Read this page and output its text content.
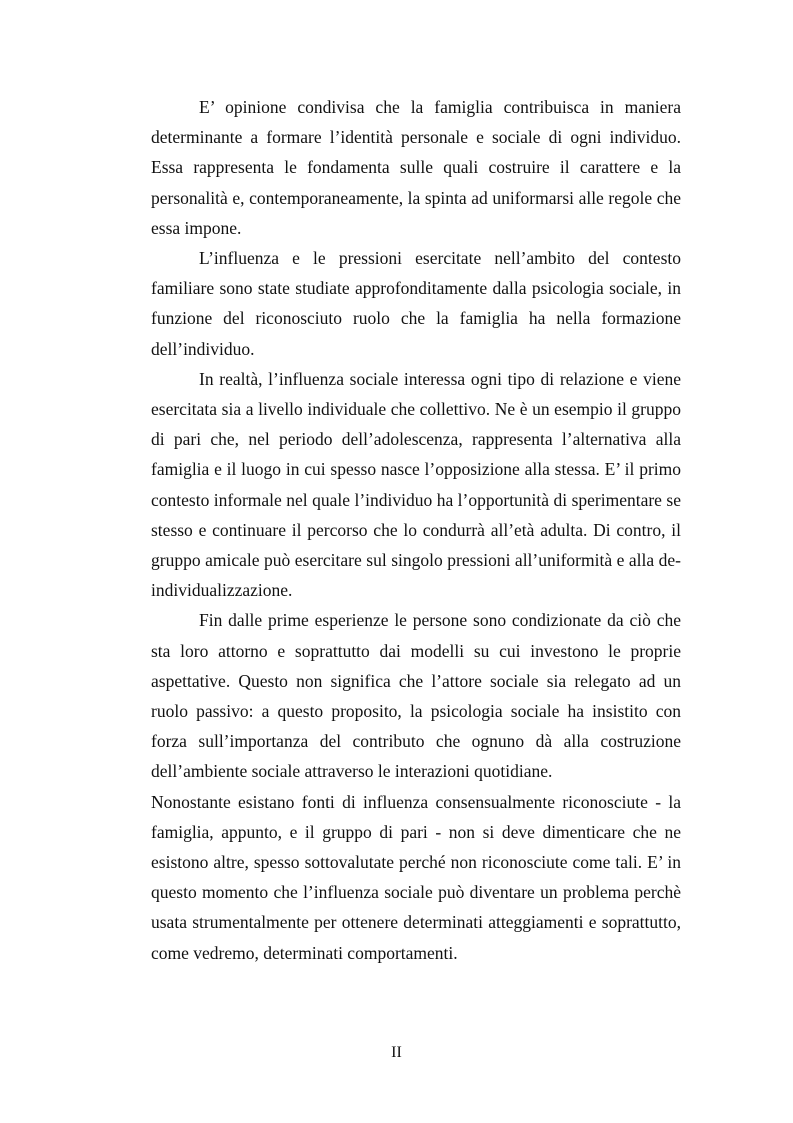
E’ opinione condivisa che la famiglia contribuisca in maniera determinante a formare l’identità personale e sociale di ogni individuo. Essa rappresenta le fondamenta sulle quali costruire il carattere e la personalità e, contemporaneamente, la spinta ad uniformarsi alle regole che essa impone.

L’influenza e le pressioni esercitate nell’ambito del contesto familiare sono state studiate approfonditamente dalla psicologia sociale, in funzione del riconosciuto ruolo che la famiglia ha nella formazione dell’individuo.

In realtà, l’influenza sociale interessa ogni tipo di relazione e viene esercitata sia a livello individuale che collettivo. Ne è un esempio il gruppo di pari che, nel periodo dell’adolescenza, rappresenta l’alternativa alla famiglia e il luogo in cui spesso nasce l’opposizione alla stessa. E’ il primo contesto informale nel quale l’individuo ha l’opportunità di sperimentare se stesso e continuare il percorso che lo condurrà all’età adulta. Di contro, il gruppo amicale può esercitare sul singolo pressioni all’uniformità e alla de-individualizzazione.

Fin dalle prime esperienze le persone sono condizionate da ciò che sta loro attorno e soprattutto dai modelli su cui investono le proprie aspettative. Questo non significa che l’attore sociale sia relegato ad un ruolo passivo: a questo proposito, la psicologia sociale ha insistito con forza sull’importanza del contributo che ognuno dà alla costruzione dell’ambiente sociale attraverso le interazioni quotidiane.

Nonostante esistano fonti di influenza consensualmente riconosciute - la famiglia, appunto, e il gruppo di pari - non si deve dimenticare che ne esistono altre, spesso sottovalutate perché non riconosciute come tali. E’ in questo momento che l’influenza sociale può diventare un problema perchè usata strumentalmente per ottenere determinati atteggiamenti e soprattutto, come vedremo, determinati comportamenti.

II
